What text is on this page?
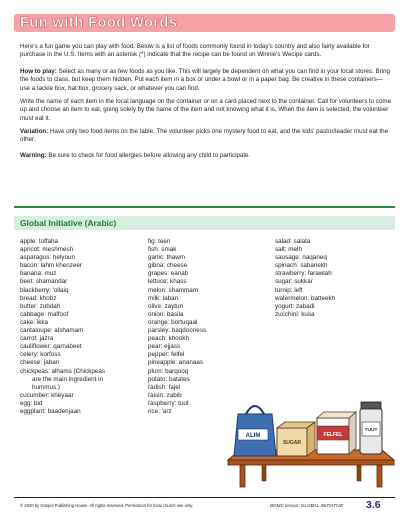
Fun with Food Words

Here's a fun game you can play with food. Below is a list of foods commonly found in today's country and also fairly available for purchase in the U.S. Items with an asterisk (*) indicate that the recipe can be found on Winnie's Wecipe cards.

How to play: Select as many or as few foods as you like. This will largely be dependent on what you can find in your local stores. Bring the foods to class, but keep them hidden. Put each item in a box or under a bowl or in a paper bag. Be creative in these containers—use a tackle box, hat box, grocery sack, or whatever you can find.

Write the name of each item in the local language on the container or on a card placed next to the container. Call for volunteers to come up and choose an item to eat, going solely by the name of the item and not knowing what it is. When the item is selected, the volunteer must eat it.

Variation: Have only two food items on the table. The volunteer picks one mystery food to eat, and the kids' pastor/leader must eat the other.

Warning: Be sure to check for food allergies before allowing any child to participate.

Global Initiative (Arabic)
apple: toffaha
apricot: meshmesh
asparagus: helyoun
bacon: lahm khenzeer
banana: muz
beet: shamandar
blackberry: 'ollaiq
bread: khobz
butter: zubdah
cabbage: malfoof
cake: ikka
cantaloupe: alshamam
carrot: jazra
cauliflower: qarnabeet
celery: korfoss
cheese: jaban
chickpeas: alhams (Chickpeas
are the main ingredient in
hummus.)
cucumber: kheyaar
egg: bid
eggplant: baadenjaan
fig: teen
fish: smak
garlic: thawm
gibna: cheese
grapes: eanab
lettuce: khass
melon: shammam
milk: laban
olive: zaytun
onion: basila
orange: bortuqaal
parsley: baqdooness
peach: khookh
pear: ejjass
pepper: felfel
pineapple: ananaas
plum: barqooq
potato: batates
radish: fajel
raisin: zabib
raspberry: tuut
rice: 'arz
salad: salata
salt: melh
sausage: naqaneq
spinach: sabanekh
strawberry: farawlah
sugar: sukkar
turnip: left
watermelon: batteekh
yogurt: zabadi
zucchini: kusa
ALIM
SUGAR
FELFEL
TUUT
© 2020 by Gospel Publishing House. All rights reserved. Permission for local church use only.	BGMC lesson: GLOBAL INITIATIVE 3.6
